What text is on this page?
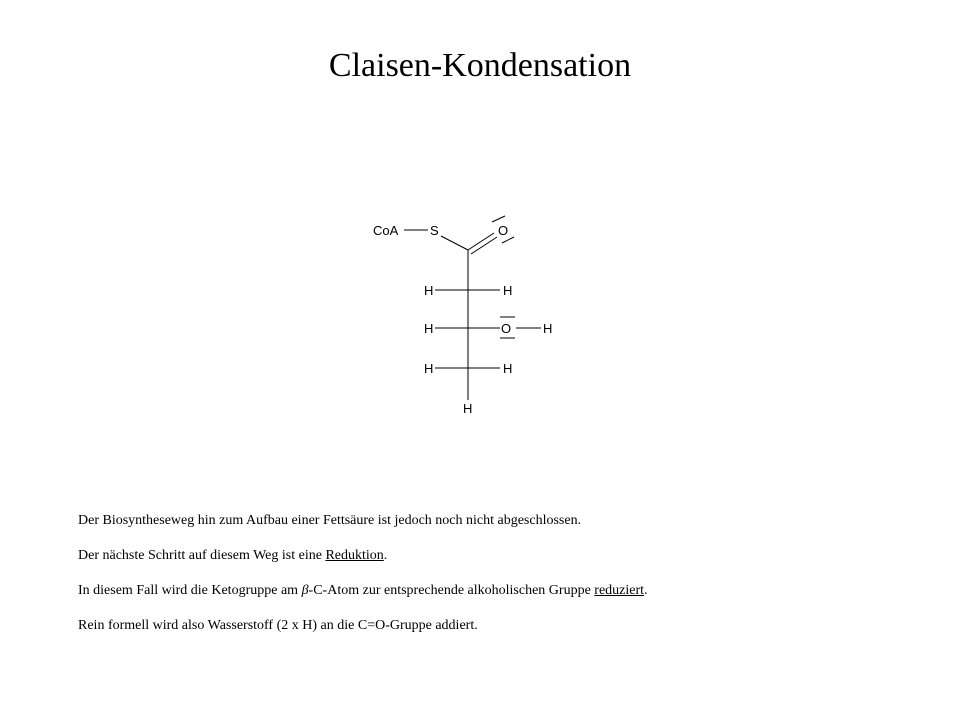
Claisen-Kondensation
CoA S	O
H	H
H	O H
H	H
H

Der Biosyntheseweg hin zum Aufbau einer Fettsäure ist jedoch noch nicht abgeschlossen.

Der nächste Schritt auf diesem Weg ist eine Reduktion.

In diesem Fall wird die Ketogruppe am β-C-Atom zur entsprechende alkoholischen Gruppe reduziert.

Rein formell wird also Wasserstoff (2 x H) an die C=O-Gruppe addiert.
